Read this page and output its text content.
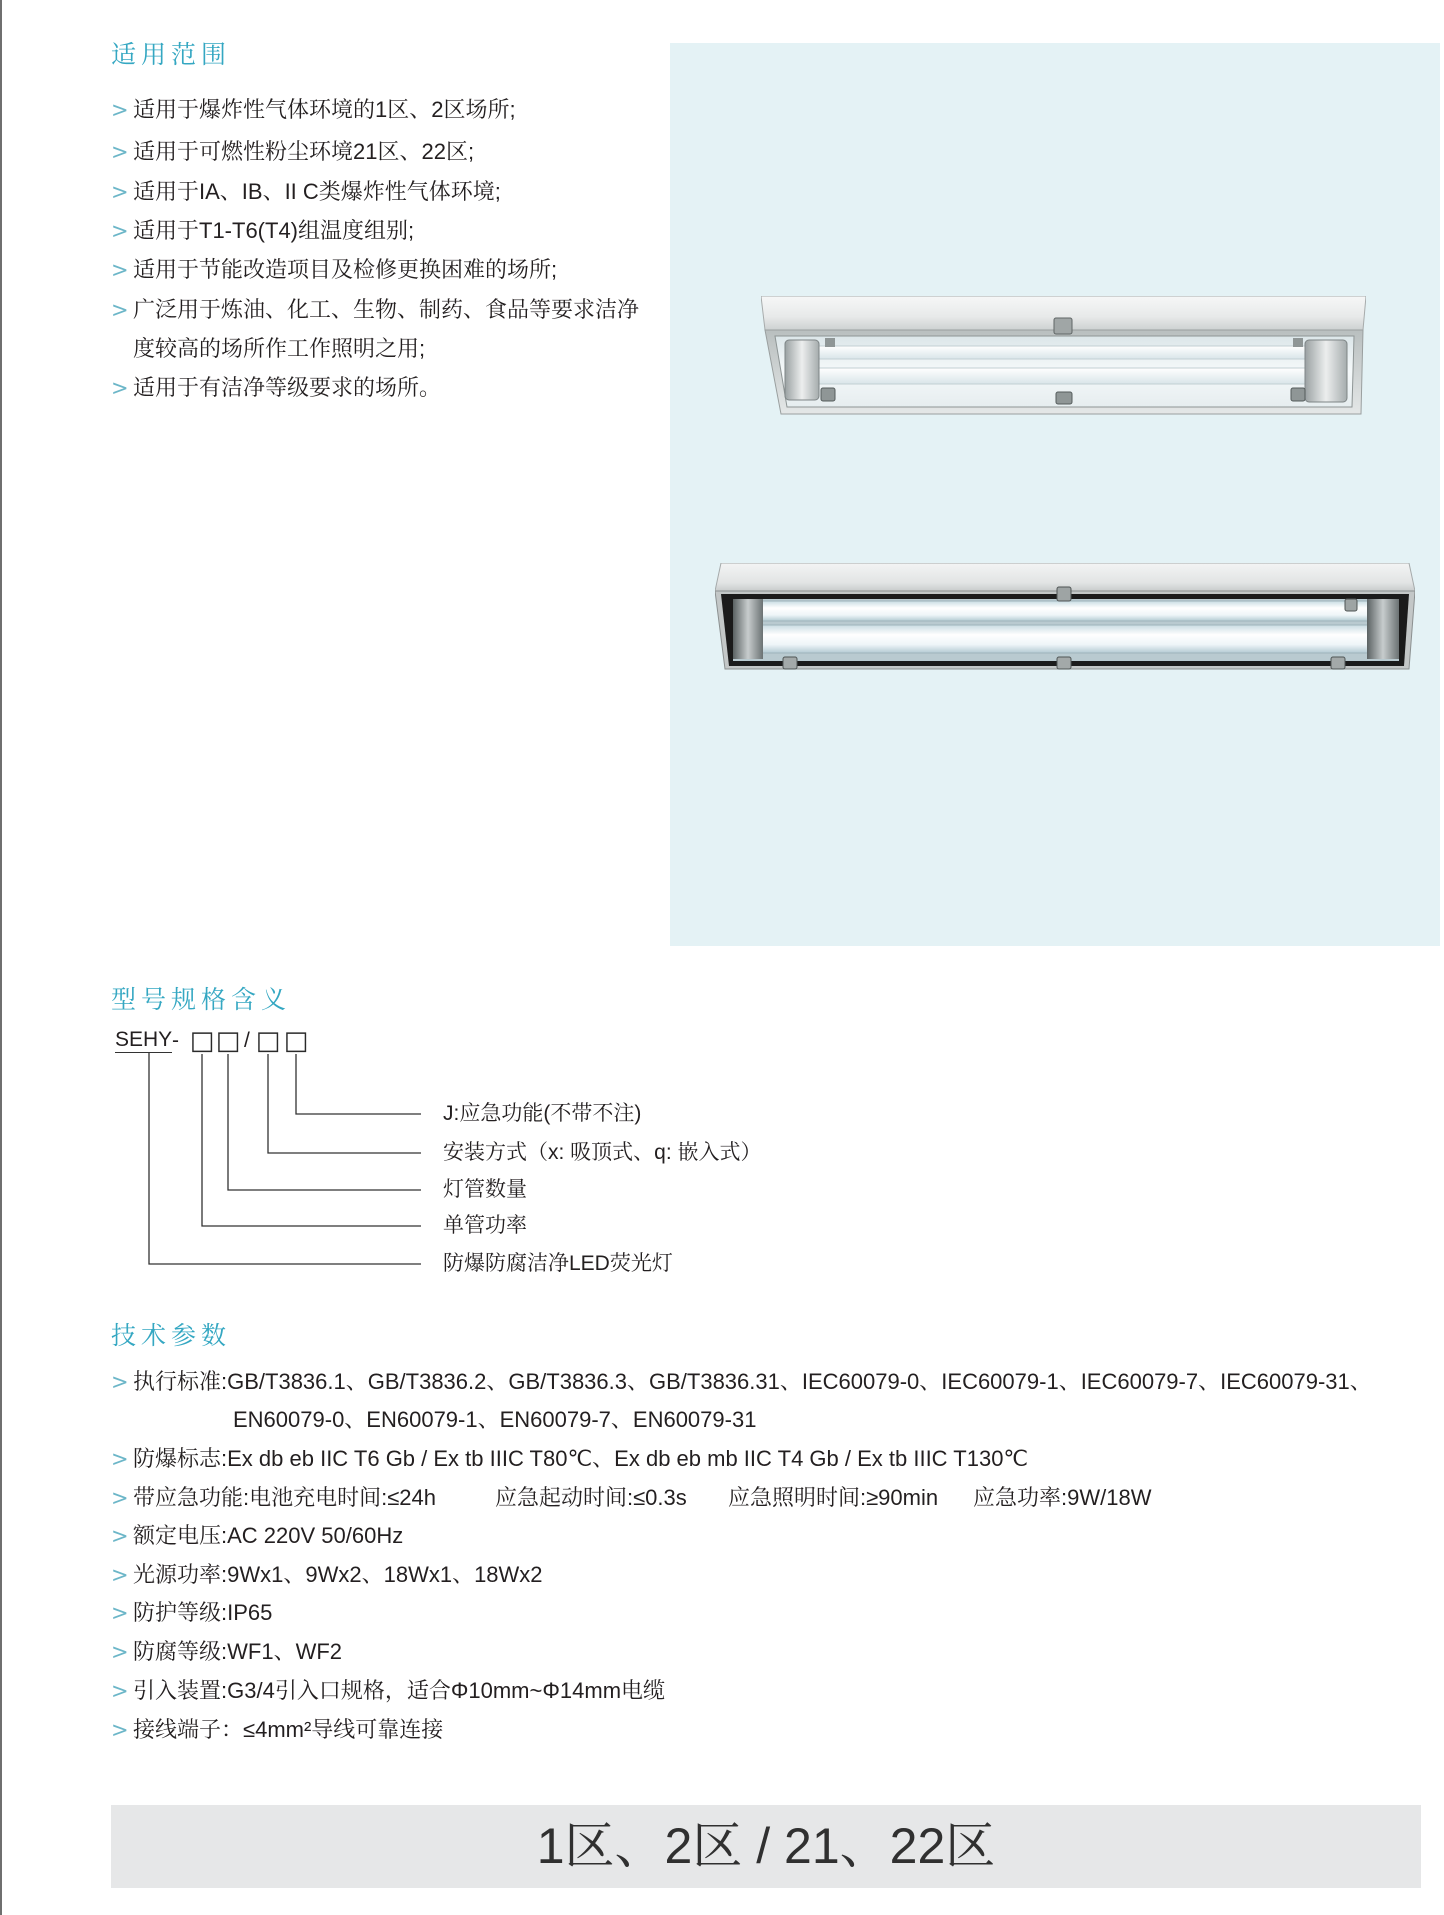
适用范围
> 适用于爆炸性气体环境的1区、2区场所;
> 适用于可燃性粉尘环境21区、22区;
> 适用于IA、IB、II C类爆炸性气体环境;
> 适用于T1-T6(T4)组温度组别;
> 适用于节能改造项目及检修更换困难的场所;
> 广泛用于炼油、化工、生物、制药、食品等要求洁净
度较高的场所作工作照明之用;
> 适用于有洁净等级要求的场所。
型号规格含义
SEHY - □ □ / □ □
J:应急功能(不带不注)
安装方式（x: 吸顶式、q: 嵌入式）
灯管数量
单管功率
防爆防腐洁净LED荧光灯
技术参数
> 执行标准:GB/T3836.1、GB/T3836.2、GB/T3836.3、GB/T3836.31、IEC60079-0、IEC60079-1、IEC60079-7、IEC60079-31、
EN60079-0、EN60079-1、EN60079-7、EN60079-31
> 防爆标志:Ex db eb IIC T6 Gb / Ex tb IIIC T80℃、Ex db eb mb IIC T4 Gb / Ex tb IIIC T130℃
> 带应急功能:电池充电时间:≤24h	应急起动时间:≤0.3s 应急照明时间:≥90min 应急功率:9W/18W
> 额定电压:AC 220V 50/60Hz
> 光源功率:9Wx1、9Wx2、18Wx1、18Wx2
> 防护等级:IP65
> 防腐等级:WF1、WF2
> 引入装置:G3/4引入口规格，适合Φ10mm~Φ14mm电缆
> 接线端子：≤4mm²导线可靠连接
1区、2区 / 21、22区
